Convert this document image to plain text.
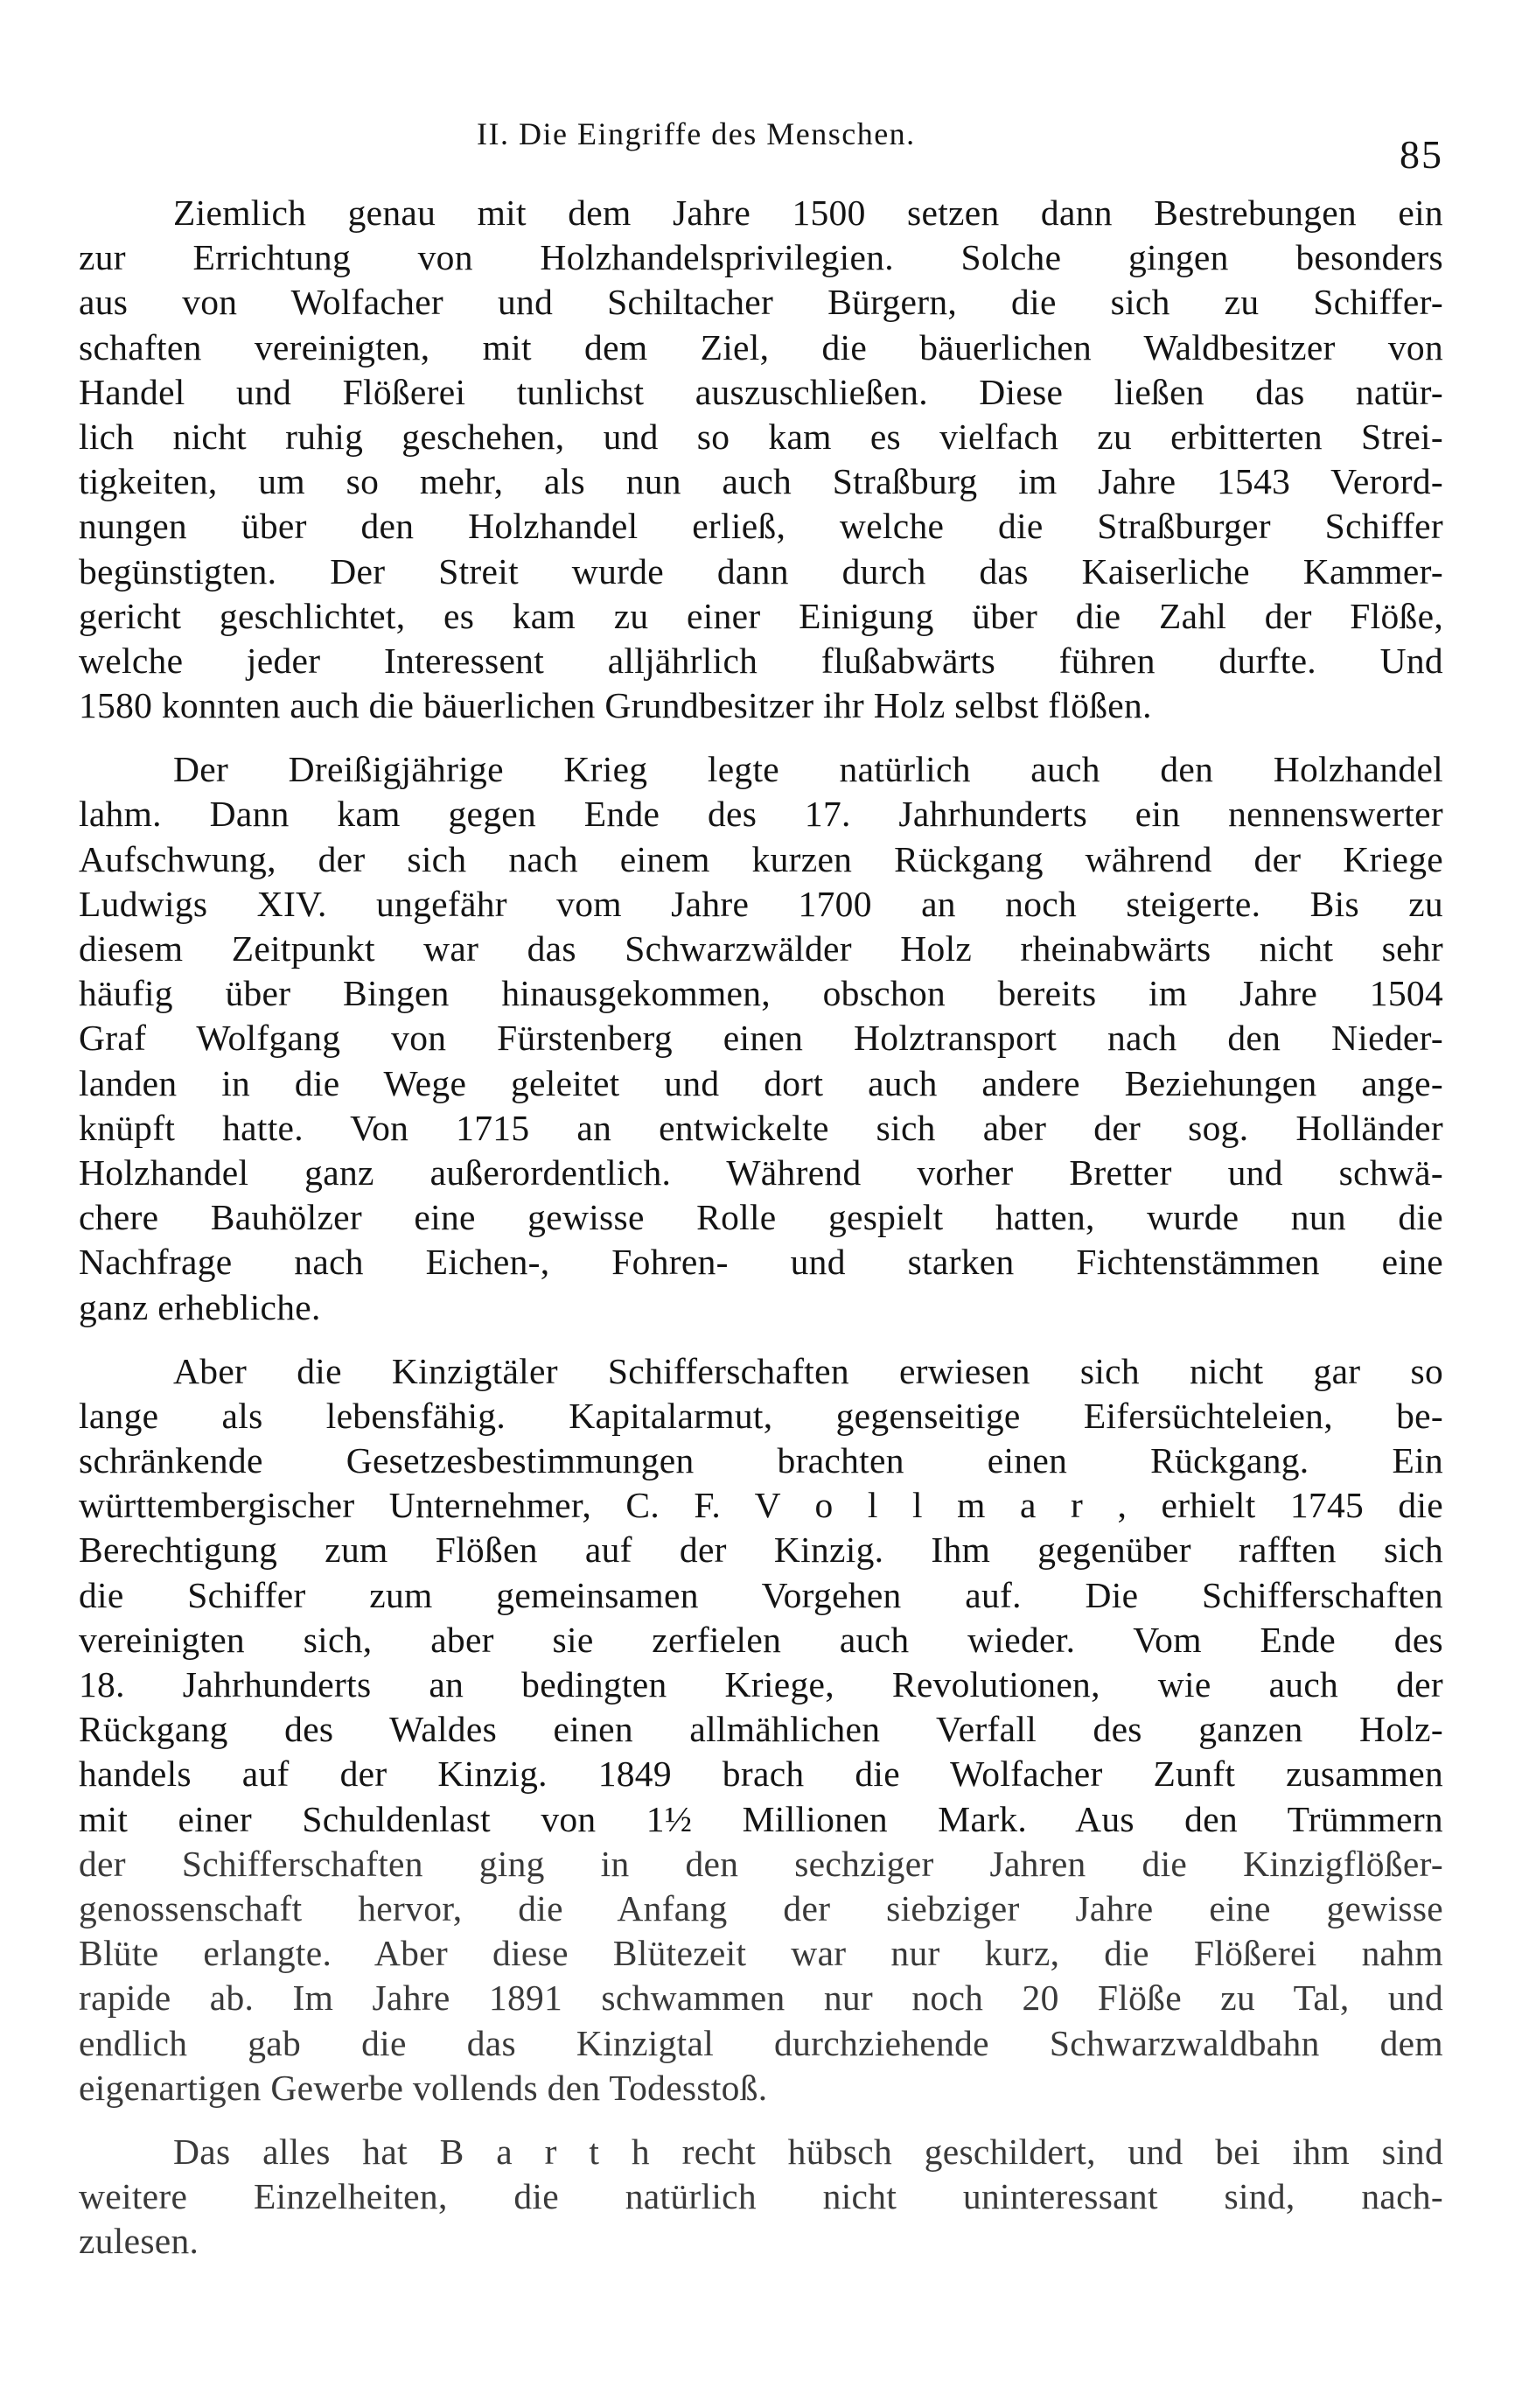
II. Die Eingriffe des Menschen.	85
Ziemlich genau mit dem Jahre 1500 setzen dann Bestrebungen ein
zur Errichtung von Holzhandelsprivilegien. Solche gingen besonders
aus von Wolfacher und Schiltacher Bürgern, die sich zu Schiffer-
schaften vereinigten, mit dem Ziel, die bäuerlichen Waldbesitzer von
Handel und Flößerei tunlichst auszuschließen. Diese ließen das natür-
lich nicht ruhig geschehen, und so kam es vielfach zu erbitterten Strei-
tigkeiten, um so mehr, als nun auch Straßburg im Jahre 1543 Verord-
nungen über den Holzhandel erließ, welche die Straßburger Schiffer
begünstigten. Der Streit wurde dann durch das Kaiserliche Kammer-
gericht geschlichtet, es kam zu einer Einigung über die Zahl der Flöße,
welche jeder Interessent alljährlich flußabwärts führen durfte. Und
1580 konnten auch die bäuerlichen Grundbesitzer ihr Holz selbst flößen.
Der Dreißigjährige Krieg legte natürlich auch den Holzhandel
lahm. Dann kam gegen Ende des 17. Jahrhunderts ein nennenswerter
Aufschwung, der sich nach einem kurzen Rückgang während der Kriege
Ludwigs XIV. ungefähr vom Jahre 1700 an noch steigerte. Bis zu
diesem Zeitpunkt war das Schwarzwälder Holz rheinabwärts nicht sehr
häufig über Bingen hinausgekommen, obschon bereits im Jahre 1504
Graf Wolfgang von Fürstenberg einen Holztransport nach den Nieder-
landen in die Wege geleitet und dort auch andere Beziehungen ange-
knüpft hatte. Von 1715 an entwickelte sich aber der sog. Holländer
Holzhandel ganz außerordentlich. Während vorher Bretter und schwä-
chere Bauhölzer eine gewisse Rolle gespielt hatten, wurde nun die
Nachfrage nach Eichen-, Fohren- und starken Fichtenstämmen eine
ganz erhebliche.
Aber die Kinzigtäler Schifferschaften erwiesen sich nicht gar so
lange als lebensfähig. Kapitalarmut, gegenseitige Eifersüchteleien, be-
schränkende Gesetzesbestimmungen brachten einen Rückgang. Ein
württembergischer Unternehmer, C. F. V o l l m a r , erhielt 1745 die
Berechtigung zum Flößen auf der Kinzig. Ihm gegenüber rafften sich
die Schiffer zum gemeinsamen Vorgehen auf. Die Schifferschaften
vereinigten sich, aber sie zerfielen auch wieder. Vom Ende des
18. Jahrhunderts an bedingten Kriege, Revolutionen, wie auch der
Rückgang des Waldes einen allmählichen Verfall des ganzen Holz-
handels auf der Kinzig. 1849 brach die Wolfacher Zunft zusammen
mit einer Schuldenlast von 1½ Millionen Mark. Aus den Trümmern
der Schifferschaften ging in den sechziger Jahren die Kinzigflößer-
genossenschaft hervor, die Anfang der siebziger Jahre eine gewisse
Blüte erlangte. Aber diese Blütezeit war nur kurz, die Flößerei nahm
rapide ab. Im Jahre 1891 schwammen nur noch 20 Flöße zu Tal, und
endlich gab die das Kinzigtal durchziehende Schwarzwaldbahn dem
eigenartigen Gewerbe vollends den Todesstoß.
Das alles hat B a r t h recht hübsch geschildert, und bei ihm sind
weitere Einzelheiten, die natürlich nicht uninteressant sind, nach-
zulesen.
